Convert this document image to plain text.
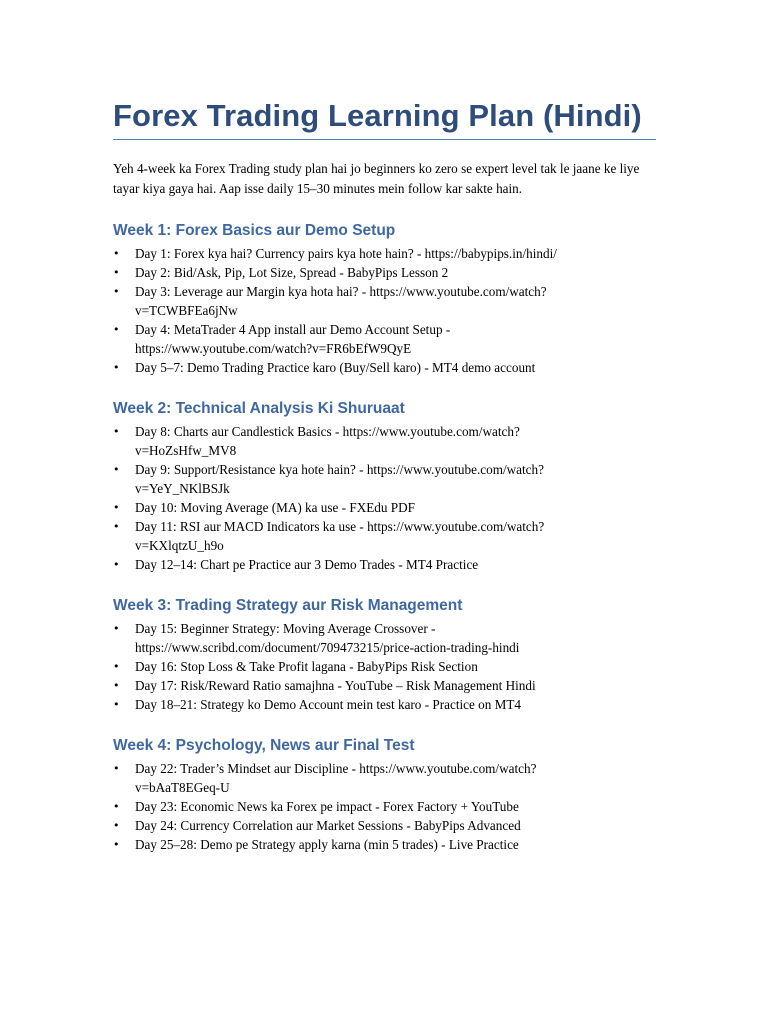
Forex Trading Learning Plan (Hindi)

Yeh 4-week ka Forex Trading study plan hai jo beginners ko zero se expert level tak le jaane ke liye tayar kiya gaya hai. Aap isse daily 15–30 minutes mein follow kar sakte hain.

Week 1: Forex Basics aur Demo Setup
• Day 1: Forex kya hai? Currency pairs kya hote hain? - https://babypips.in/hindi/
• Day 2: Bid/Ask, Pip, Lot Size, Spread - BabyPips Lesson 2
• Day 3: Leverage aur Margin kya hota hai? - https://www.youtube.com/watch?
v=TCWBFEa6jNw
• Day 4: MetaTrader 4 App install aur Demo Account Setup -
https://www.youtube.com/watch?v=FR6bEfW9QyE
• Day 5–7: Demo Trading Practice karo (Buy/Sell karo) - MT4 demo account
Week 2: Technical Analysis Ki Shuruaat
• Day 8: Charts aur Candlestick Basics - https://www.youtube.com/watch?
v=HoZsHfw_MV8
• Day 9: Support/Resistance kya hote hain? - https://www.youtube.com/watch?
v=YeY_NKlBSJk
• Day 10: Moving Average (MA) ka use - FXEdu PDF
• Day 11: RSI aur MACD Indicators ka use - https://www.youtube.com/watch?
v=KXlqtzU_h9o
• Day 12–14: Chart pe Practice aur 3 Demo Trades - MT4 Practice
Week 3: Trading Strategy aur Risk Management
• Day 15: Beginner Strategy: Moving Average Crossover -
https://www.scribd.com/document/709473215/price-action-trading-hindi
• Day 16: Stop Loss & Take Profit lagana - BabyPips Risk Section
• Day 17: Risk/Reward Ratio samajhna - YouTube – Risk Management Hindi
• Day 18–21: Strategy ko Demo Account mein test karo - Practice on MT4
Week 4: Psychology, News aur Final Test
• Day 22: Trader’s Mindset aur Discipline - https://www.youtube.com/watch?
v=bAaT8EGeq-U
• Day 23: Economic News ka Forex pe impact - Forex Factory + YouTube
• Day 24: Currency Correlation aur Market Sessions - BabyPips Advanced
• Day 25–28: Demo pe Strategy apply karna (min 5 trades) - Live Practice
